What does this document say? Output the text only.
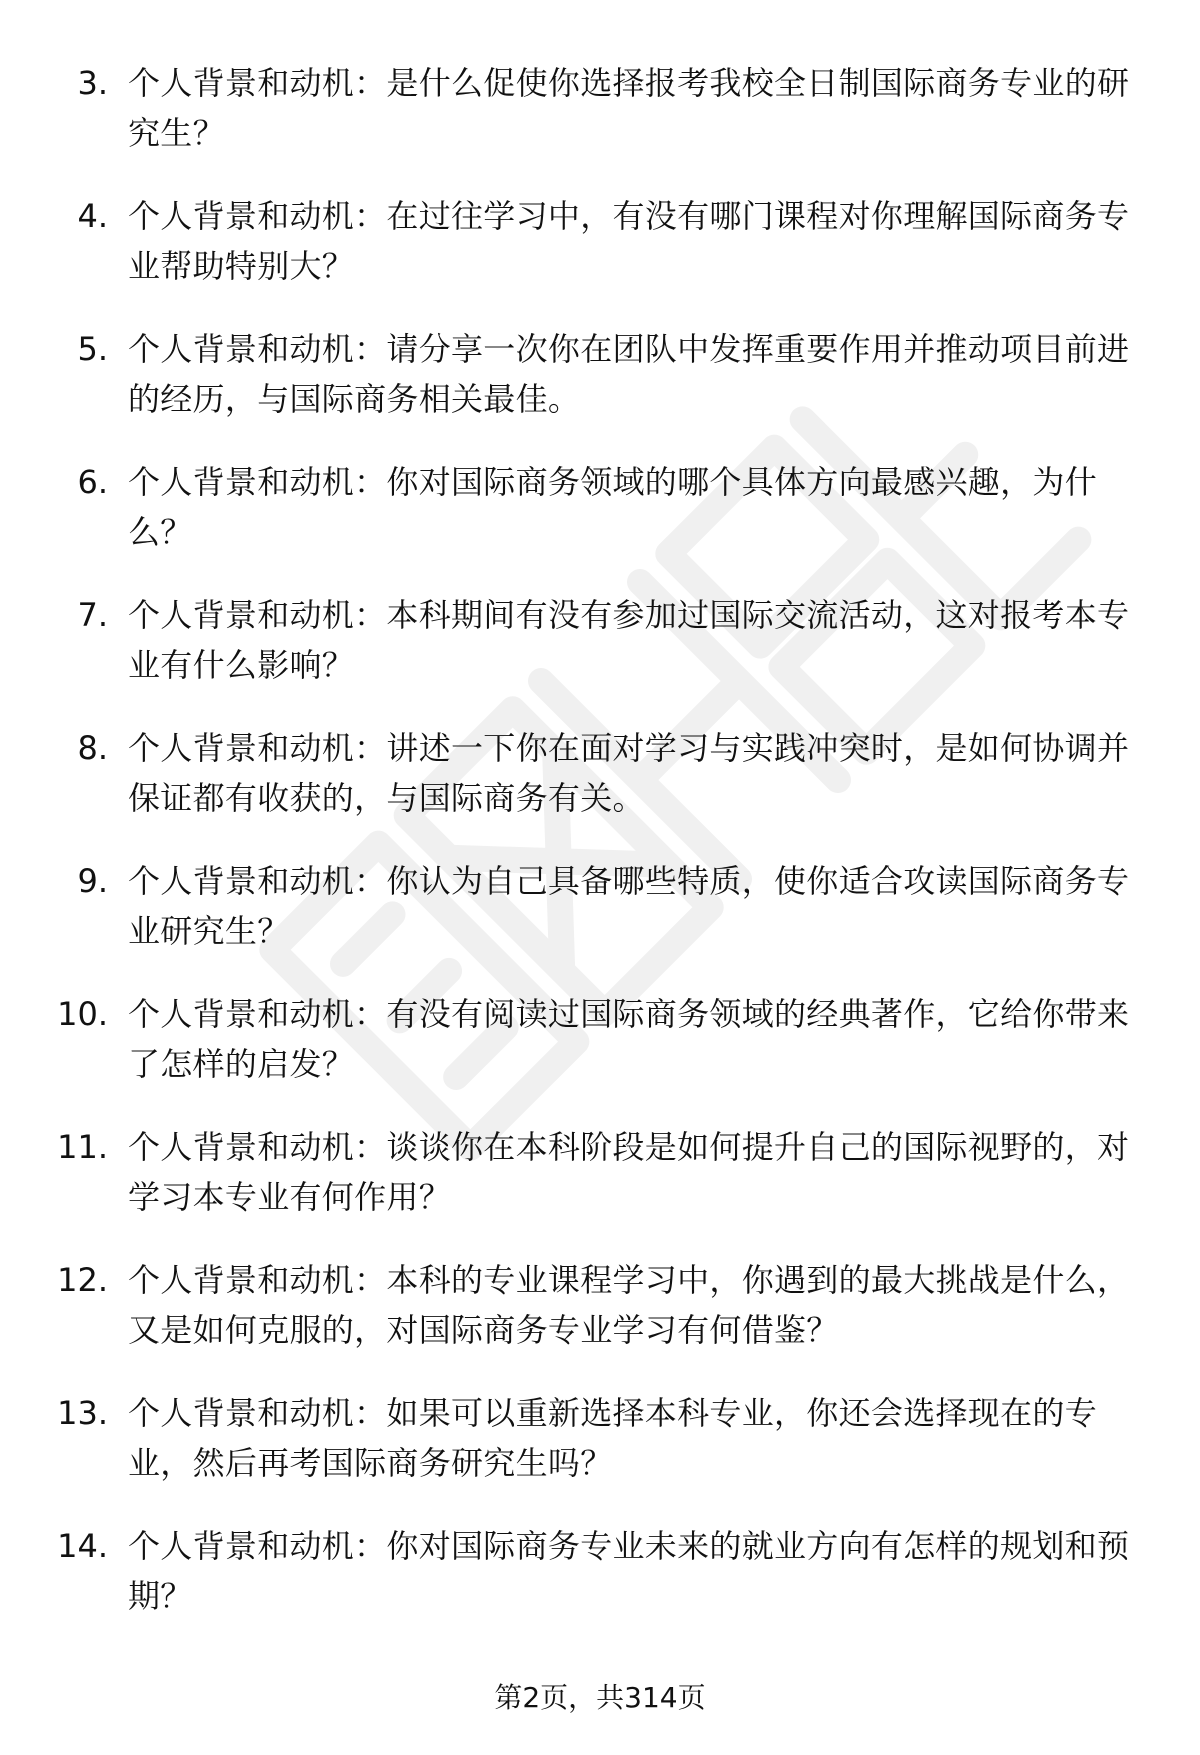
3. 个人背景和动机：是什么促使你选择报考我校全日制国际商务专业的研究生？
4. 个人背景和动机：在过往学习中，有没有哪门课程对你理解国际商务专业帮助特别大？
5. 个人背景和动机：请分享一次你在团队中发挥重要作用并推动项目前进的经历，与国际商务相关最佳。
6. 个人背景和动机：你对国际商务领域的哪个具体方向最感兴趣，为什么？
7. 个人背景和动机：本科期间有没有参加过国际交流活动，这对报考本专业有什么影响？
8. 个人背景和动机：讲述一下你在面对学习与实践冲突时，是如何协调并保证都有收获的，与国际商务有关。
9. 个人背景和动机：你认为自己具备哪些特质，使你适合攻读国际商务专业研究生？
10. 个人背景和动机：有没有阅读过国际商务领域的经典著作，它给你带来了怎样的启发？
11. 个人背景和动机：谈谈你在本科阶段是如何提升自己的国际视野的，对学习本专业有何作用？
12. 个人背景和动机：本科的专业课程学习中，你遇到的最大挑战是什么，又是如何克服的，对国际商务专业学习有何借鉴？
13. 个人背景和动机：如果可以重新选择本科专业，你还会选择现在的专业，然后再考国际商务研究生吗？
14. 个人背景和动机：你对国际商务专业未来的就业方向有怎样的规划和预期？
第2页，共314页
